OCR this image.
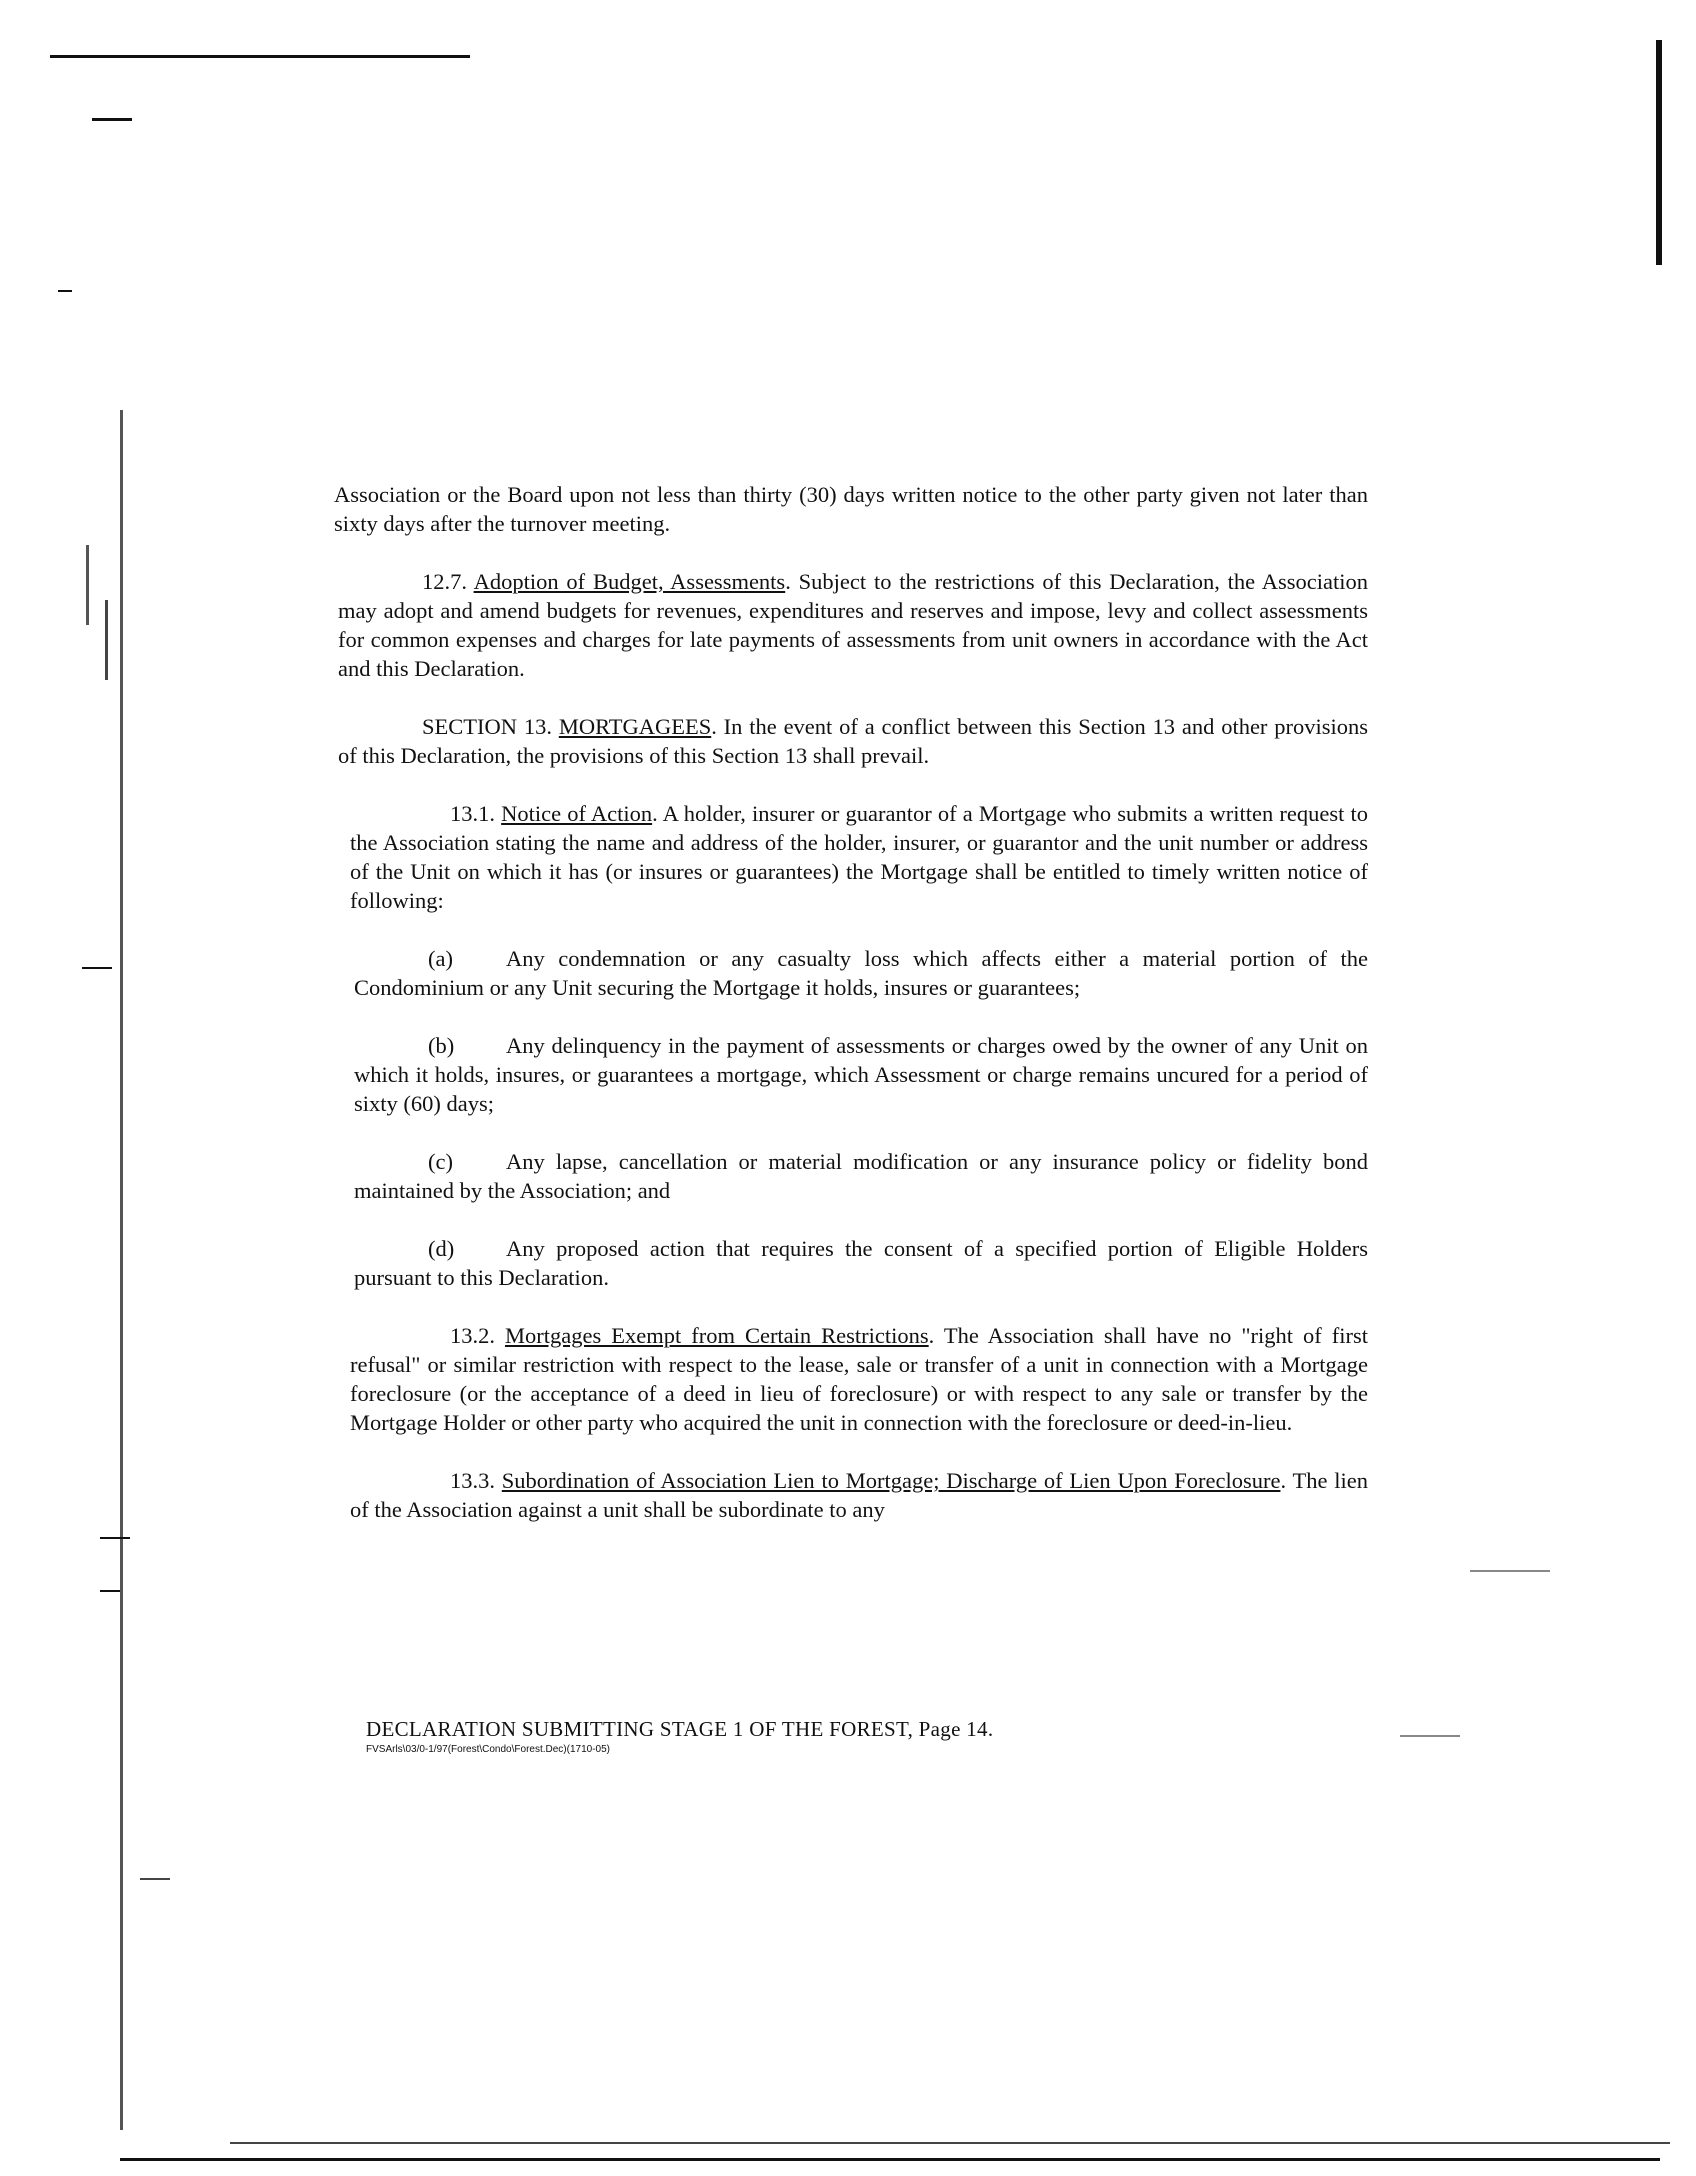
Association or the Board upon not less than thirty (30) days written notice to the other party given not later than sixty days after the turnover meeting.

12.7. Adoption of Budget, Assessments. Subject to the restrictions of this Declaration, the Association may adopt and amend budgets for revenues, expenditures and reserves and impose, levy and collect assessments for common expenses and charges for late payments of assessments from unit owners in accordance with the Act and this Declaration.

SECTION 13. MORTGAGEES. In the event of a conflict between this Section 13 and other provisions of this Declaration, the provisions of this Section 13 shall prevail.

13.1. Notice of Action. A holder, insurer or guarantor of a Mortgage who submits a written request to the Association stating the name and address of the holder, insurer, or guarantor and the unit number or address of the Unit on which it has (or insures or guarantees) the Mortgage shall be entitled to timely written notice of following:

(a) Any condemnation or any casualty loss which affects either a material portion of the Condominium or any Unit securing the Mortgage it holds, insures or guarantees;

(b) Any delinquency in the payment of assessments or charges owed by the owner of any Unit on which it holds, insures, or guarantees a mortgage, which Assessment or charge remains uncured for a period of sixty (60) days;

(c) Any lapse, cancellation or material modification or any insurance policy or fidelity bond maintained by the Association; and

(d) Any proposed action that requires the consent of a specified portion of Eligible Holders pursuant to this Declaration.

13.2. Mortgages Exempt from Certain Restrictions. The Association shall have no "right of first refusal" or similar restriction with respect to the lease, sale or transfer of a unit in connection with a Mortgage foreclosure (or the acceptance of a deed in lieu of foreclosure) or with respect to any sale or transfer by the Mortgage Holder or other party who acquired the unit in connection with the foreclosure or deed-in-lieu.

13.3. Subordination of Association Lien to Mortgage; Discharge of Lien Upon Foreclosure. The lien of the Association against a unit shall be subordinate to any

DECLARATION SUBMITTING STAGE 1 OF THE FOREST, Page 14.
FVSArls\03/0-1/97(Forest\Condo\Forest.Dec)(1710-05)
